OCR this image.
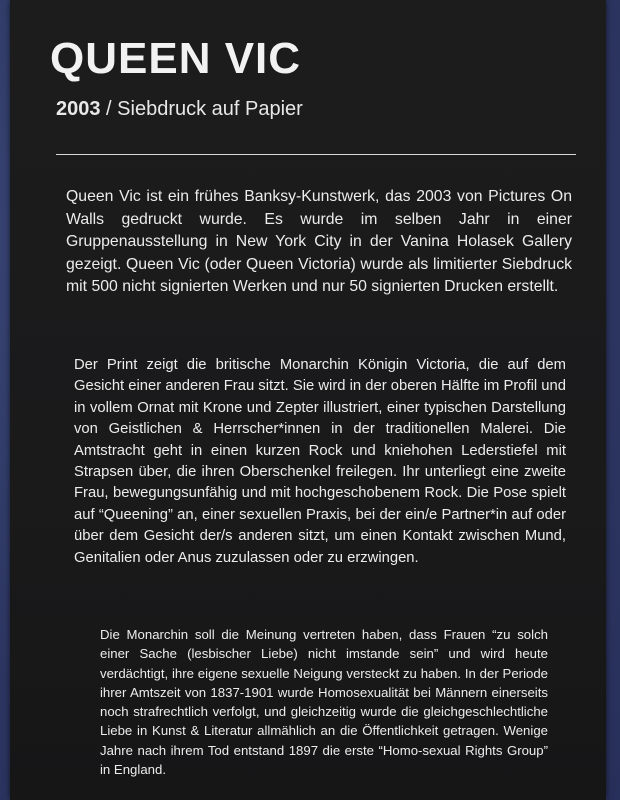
QUEEN VIC
2003 / Siebdruck auf Papier
Queen Vic ist ein frühes Banksy-Kunstwerk, das 2003 von Pictures On Walls gedruckt wurde. Es wurde im selben Jahr in einer Gruppenausstellung in New York City in der Vanina Holasek Gallery gezeigt. Queen Vic (oder Queen Victoria) wurde als limitierter Siebdruck mit 500 nicht signierten Werken und nur 50 signierten Drucken erstellt.
Der Print zeigt die britische Monarchin Königin Victoria, die auf dem Gesicht einer anderen Frau sitzt. Sie wird in der oberen Hälfte im Profil und in vollem Ornat mit Krone und Zepter illustriert, einer typischen Darstellung von Geistlichen & Herrscher*innen in der traditionellen Malerei. Die Amtstracht geht in einen kurzen Rock und kniehohen Lederstiefel mit Strapsen über, die ihren Oberschenkel freilegen. Ihr unterliegt eine zweite Frau, bewegungsunfähig und mit hochgeschobenem Rock. Die Pose spielt auf “Queening” an, einer sexuellen Praxis, bei der ein/e Partner*in auf oder über dem Gesicht der/s anderen sitzt, um einen Kontakt zwischen Mund, Genitalien oder Anus zuzulassen oder zu erzwingen.
Die Monarchin soll die Meinung vertreten haben, dass Frauen “zu solch einer Sache (lesbischer Liebe) nicht imstande sein” und wird heute verdächtigt, ihre eigene sexuelle Neigung versteckt zu haben. In der Periode ihrer Amtszeit von 1837-1901 wurde Homosexualität bei Männern einerseits noch strafrechtlich verfolgt, und gleichzeitig wurde die gleichgeschlechtliche Liebe in Kunst & Literatur allmählich an die Öffentlichkeit getragen. Wenige Jahre nach ihrem Tod entstand 1897 die erste “Homo-sexual Rights Group” in England.
